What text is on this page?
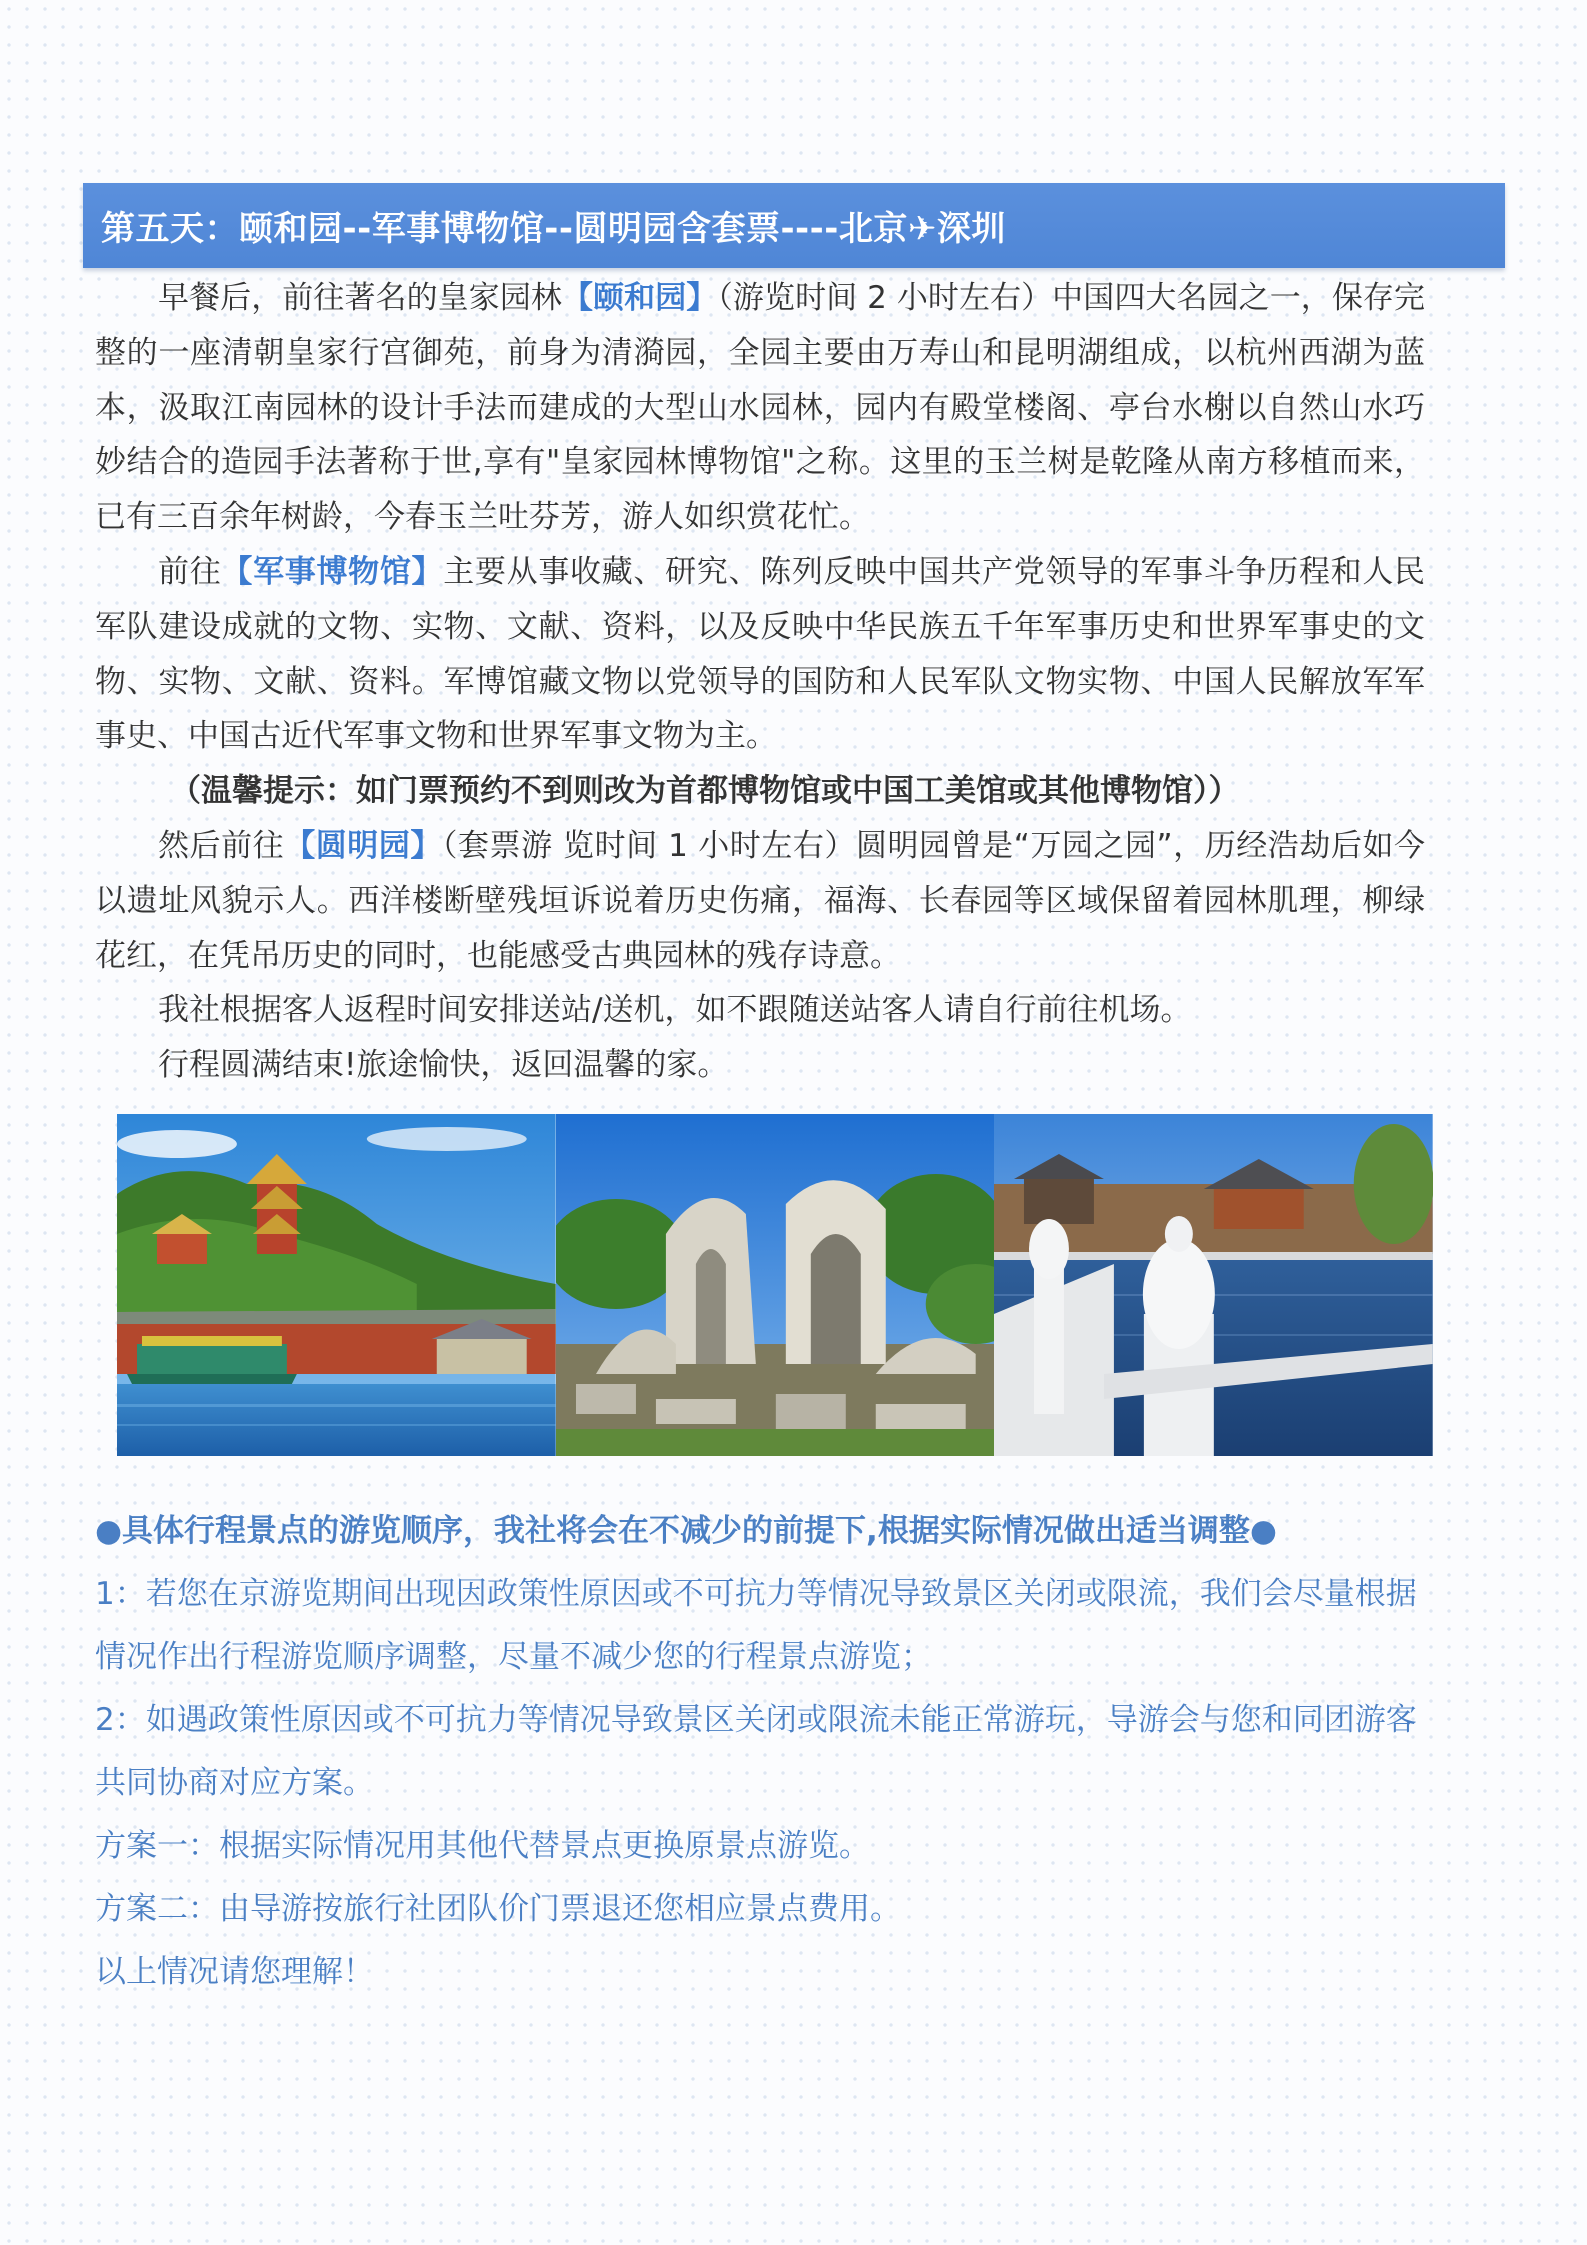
第五天：颐和园--军事博物馆--圆明园含套票----北京✈深圳

早餐后，前往著名的皇家园林【颐和园】（游览时间 2 小时左右）中国四大名园之一，保存完整的一座清朝皇家行宫御苑，前身为清漪园，全园主要由万寿山和昆明湖组成，以杭州西湖为蓝本，汲取江南园林的设计手法而建成的大型山水园林，园内有殿堂楼阁、亭台水榭以自然山水巧妙结合的造园手法著称于世,享有"皇家园林博物馆"之称。这里的玉兰树是乾隆从南方移植而来，已有三百余年树龄，今春玉兰吐芬芳，游人如织赏花忙。

前往【军事博物馆】主要从事收藏、研究、陈列反映中国共产党领导的军事斗争历程和人民军队建设成就的文物、实物、文献、资料，以及反映中华民族五千年军事历史和世界军事史的文物、实物、文献、资料。军博馆藏文物以党领导的国防和人民军队文物实物、中国人民解放军军事史、中国古近代军事文物和世界军事文物为主。

（温馨提示：如门票预约不到则改为首都博物馆或中国工美馆或其他博物馆））

然后前往【圆明园】（套票游 览时间 1 小时左右）圆明园曾是“万园之园”，历经浩劫后如今以遗址风貌示人。西洋楼断壁残垣诉说着历史伤痛，福海、长春园等区域保留着园林肌理，柳绿花红，在凭吊历史的同时，也能感受古典园林的残存诗意。

我社根据客人返程时间安排送站/送机，如不跟随送站客人请自行前往机场。

行程圆满结束!旅途愉快，返回温馨的家。

●具体行程景点的游览顺序，我社将会在不减少的前提下,根据实际情况做出适当调整●

1：若您在京游览期间出现因政策性原因或不可抗力等情况导致景区关闭或限流，我们会尽量根据情况作出行程游览顺序调整，尽量不减少您的行程景点游览；

2：如遇政策性原因或不可抗力等情况导致景区关闭或限流未能正常游玩，导游会与您和同团游客共同协商对应方案。

方案一：根据实际情况用其他代替景点更换原景点游览。

方案二：由导游按旅行社团队价门票退还您相应景点费用。

以上情况请您理解！
